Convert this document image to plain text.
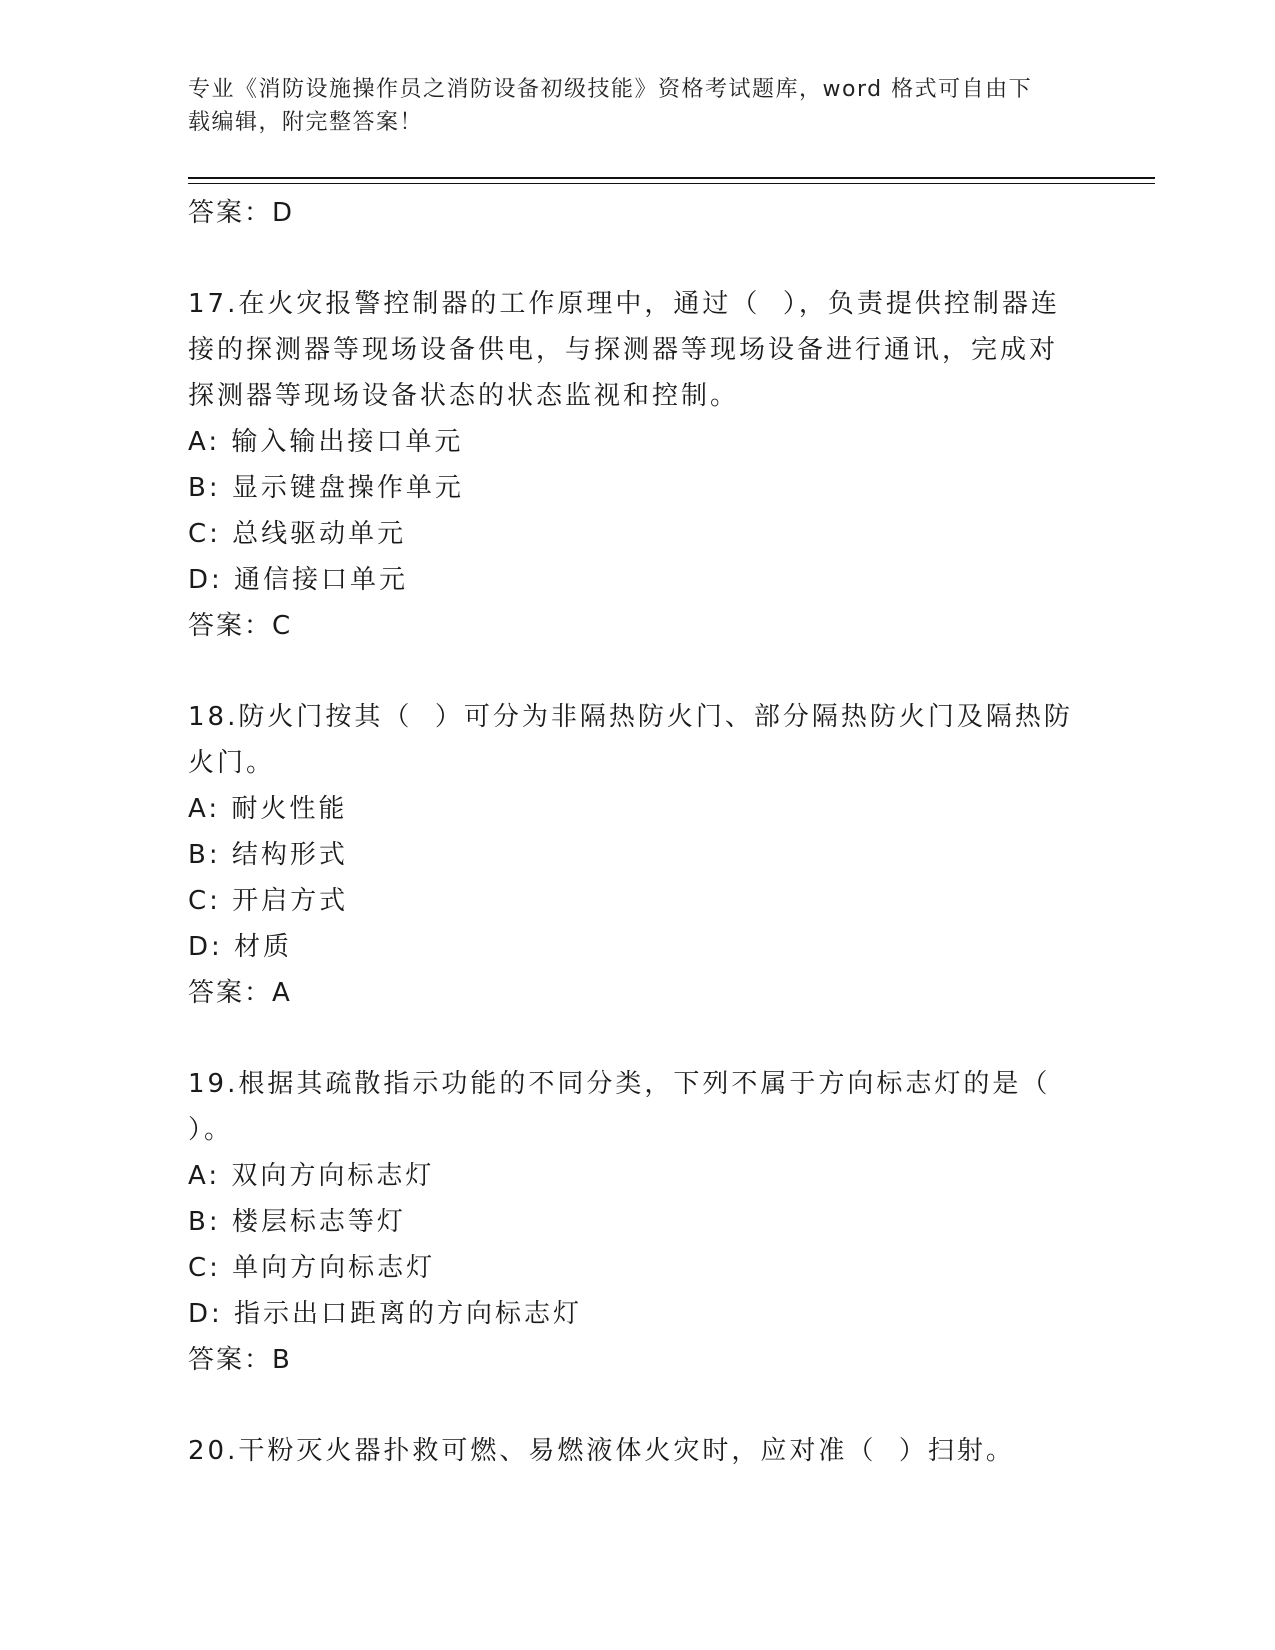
专业《消防设施操作员之消防设备初级技能》资格考试题库，word 格式可自由下
载编辑，附完整答案！
答案：D
17.在火灾报警控制器的工作原理中，通过（  ），负责提供控制器连
接的探测器等现场设备供电，与探测器等现场设备进行通讯，完成对
探测器等现场设备状态的状态监视和控制。
A: 输入输出接口单元
B: 显示键盘操作单元
C: 总线驱动单元
D: 通信接口单元
答案：C
18.防火门按其（  ）可分为非隔热防火门、部分隔热防火门及隔热防
火门。
A: 耐火性能
B: 结构形式
C: 开启方式
D: 材质
答案：A
19.根据其疏散指示功能的不同分类，下列不属于方向标志灯的是（
）。
A: 双向方向标志灯
B: 楼层标志等灯
C: 单向方向标志灯
D: 指示出口距离的方向标志灯
答案：B
20.干粉灭火器扑救可燃、易燃液体火灾时，应对准（  ）扫射。
